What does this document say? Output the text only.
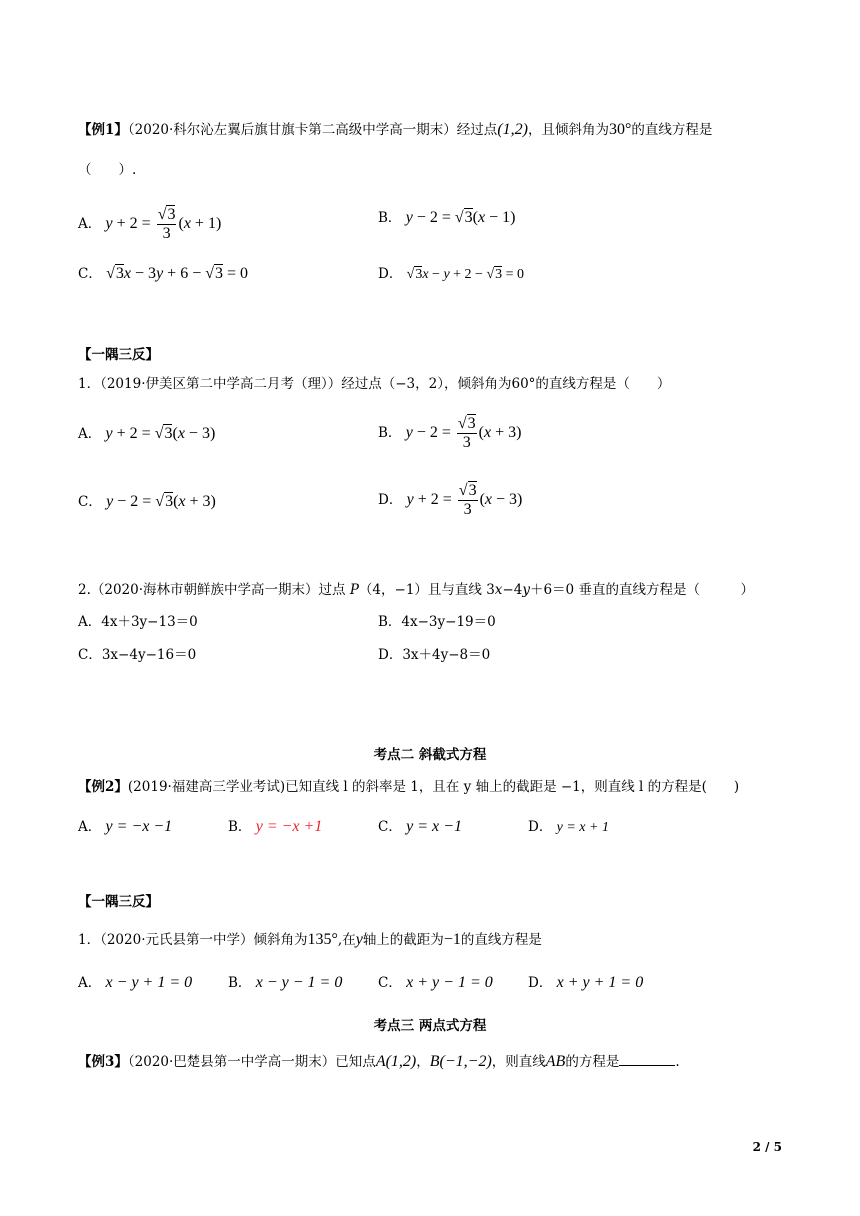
【例1】（2020·科尔沁左翼后旗甘旗卡第二高级中学高一期末）经过点(1,2)，且倾斜角为30°的直线方程是
（　　）.
A． $y + 2 = \frac{√3}{3} (x + 1)$	B． y − 2 = √3(x − 1)
C． √3x − 3y + 6 − √3 = 0	D． √3x − y + 2 − √3 = 0
【一隅三反】
1．（2019·伊美区第二中学高二月考（理））经过点（−3，2），倾斜角为60°的直线方程是（　　）
A． y + 2 = √3(x − 3)	B． $y - 2 = \frac{√3}{3} (x + 3)$
C． y − 2 = √3(x + 3)	D． $y + 2 = \frac{√3}{3} (x - 3)$
2.（2020·海林市朝鲜族中学高一期末）过点 P（4，−1）且与直线 3x−4y＋6＝0 垂直的直线方程是（　　　）
A．4x＋3y−13＝0	B．4x−3y−19＝0
C．3x−4y−16＝0	D．3x＋4y−8＝0
考点二 斜截式方程
【例2】(2019·福建高三学业考试)已知直线 l 的斜率是 1，且在 y 轴上的截距是 −1，则直线 l 的方程是(　　)
A． y = −x −1	B． y = −x +1	C． y = x −1	D． y = x + 1
【一隅三反】
1．（2020·元氏县第一中学）倾斜角为135°,在y轴上的截距为−1的直线方程是
A． x − y + 1 = 0	B． x − y − 1 = 0	C． x + y − 1 = 0	D． x + y + 1 = 0
考点三 两点式方程
【例3】（2020·巴楚县第一中学高一期末）已知点A(1,2)，B(−1,−2)，则直线AB的方程是	.
2 / 5
